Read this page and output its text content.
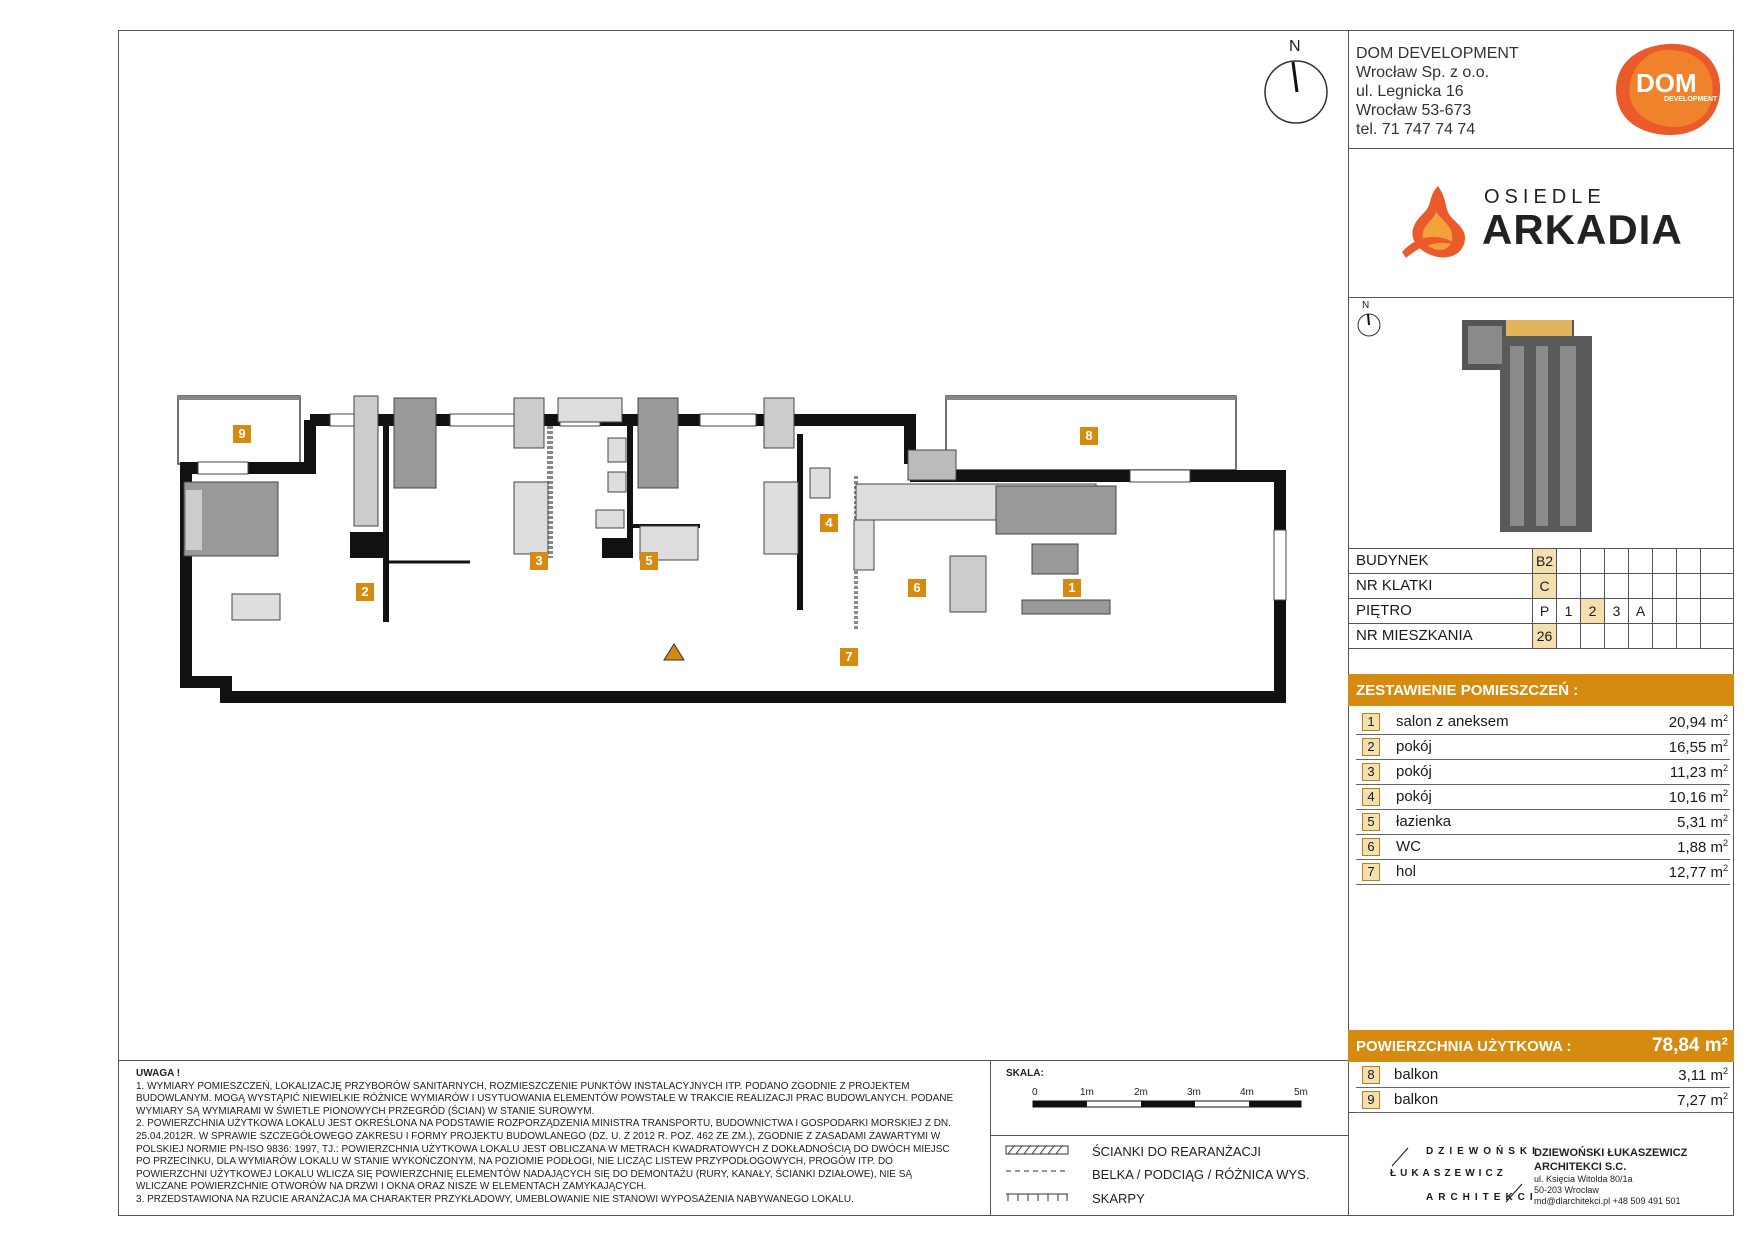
N	DOM DEVELOPMENT
Wrocław Sp. z o.o.
ul. Legnicka 16
Wrocław 53-673
tel. 71 747 74 74
DOM
DEVELOPMENT
OSIEDLE
ARKADIA
N
BUDYNEK	B2
NR KLATKI	C
PIĘTRO	P	1	2	3	A
NR MIESZKANIA	26
ZESTAWIENIE POMIESZCZEŃ :
1	salon z aneksem	20,94 $m^2$
2	pokój	16,55 $m^2$
3	pokój	11,23 $m^2$
4	pokój	10,16 $m^2$
5	łazienka	5,31 $m^2$
6	WC	1,88 $m^2$
7	hol	12,77 $m^2$
POWIERZCHNIA UŻYTKOWA :	78,84 m²
8	balkon	3,11 $m^2$
9	balkon	7,27 $m^2$
1
2
3
4
5
6
7
8
9
UWAGA !
1. WYMIARY POMIESZCZEŃ, LOKALIZACJĘ PRZYBORÓW SANITARNYCH, ROZMIESZCZENIE PUNKTÓW INSTALACYJNYCH ITP. PODANO ZGODNIE Z PROJEKTEM BUDOWLANYM. MOGĄ WYSTĄPIĆ NIEWIELKIE RÓŻNICE WYMIARÓW I USYTUOWANIA ELEMENTÓW POWSTAŁE W TRAKCIE REALIZACJI PRAC BUDOWLANYCH. PODANE WYMIARY SĄ WYMIARAMI W ŚWIETLE PIONOWYCH PRZEGRÓD (ŚCIAN) W STANIE SUROWYM.
2. POWIERZCHNIA UŻYTKOWA LOKALU JEST OKREŚLONA NA PODSTAWIE ROZPORZĄDZENIA MINISTRA TRANSPORTU, BUDOWNICTWA I GOSPODARKI MORSKIEJ Z DN. 25.04.2012R. W SPRAWIE SZCZEGÓŁOWEGO ZAKRESU I FORMY PROJEKTU BUDOWLANEGO (DZ. U. Z 2012 R. POZ. 462 ZE ZM.), ZGODNIE Z ZASADAMI ZAWARTYMI W POLSKIEJ NORMIE PN-ISO 9836: 1997, TJ.: POWIERZCHNIA UŻYTKOWA LOKALU JEST OBLICZANA W METRACH KWADRATOWYCH Z DOKŁADNOŚCIĄ DO DWÓCH MIEJSC PO PRZECINKU, DLA WYMIARÓW LOKALU W STANIE WYKOŃCZONYM, NA POZIOMIE PODŁOGI, NIE LICZĄC LISTEW PRZYPODŁOGOWYCH, PROGÓW ITP. DO POWIERZCHNI UŻYTKOWEJ LOKALU WLICZA SIĘ POWIERZCHNIĘ ELEMENTÓW NADAJĄCYCH SIĘ DO DEMONTAŻU (RURY, KANAŁY, ŚCIANKI DZIAŁOWE), NIE SĄ WLICZANE POWIERZCHNIE OTWORÓW NA DRZWI I OKNA ORAZ NISZE W ELEMENTACH ZAMYKAJĄCYCH.
3. PRZEDSTAWIONA NA RZUCIE ARANŻACJA MA CHARAKTER PRZYKŁADOWY, UMEBLOWANIE NIE STANOWI WYPOSAŻENIA NABYWANEGO LOKALU.
SKALA:
0	1m	2m	3m	4m	5m
ŚCIANKI DO REARANŻACJI
BELKA / PODCIĄG / RÓŻNICA WYS.
SKARPY
DZIEWOŃSKI
ŁUKASZEWICZ
ARCHITEKCI
DZIEWOŃSKI ŁUKASZEWICZ
ARCHITEKCI S.C.
ul. Księcia Witolda 80/1a
50-203 Wrocław
md@dlarchitekci.pl +48 509 491 501
